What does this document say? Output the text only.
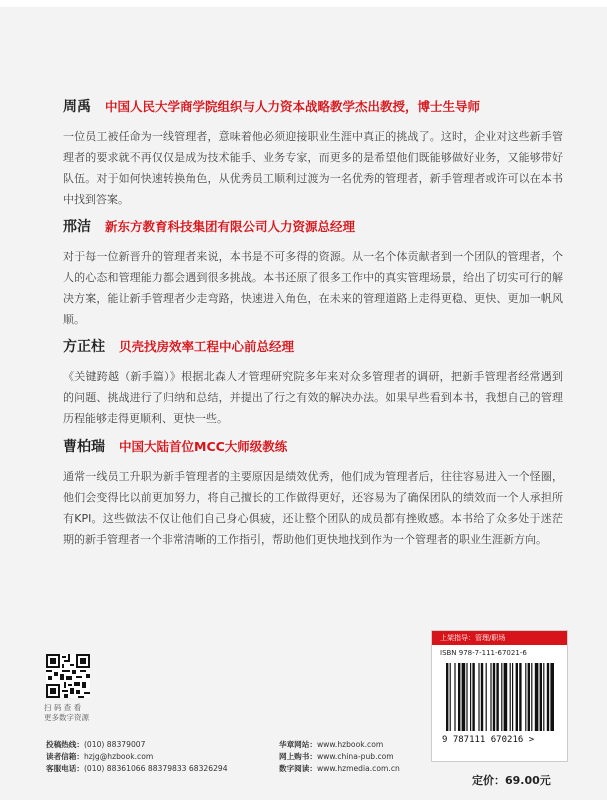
周禹 中国人民大学商学院组织与人力资本战略教学杰出教授，博士生导师
一位员工被任命为一线管理者，意味着他必须迎接职业生涯中真正的挑战了。这时，企业对这些新手管理者的要求就不再仅仅是成为技术能手、业务专家，而更多的是希望他们既能够做好业务，又能够带好队伍。对于如何快速转换角色，从优秀员工顺利过渡为一名优秀的管理者，新手管理者或许可以在本书中找到答案。
邢洁 新东方教育科技集团有限公司人力资源总经理
对于每一位新晋升的管理者来说，本书是不可多得的资源。从一名个体贡献者到一个团队的管理者，个人的心态和管理能力都会遇到很多挑战。本书还原了很多工作中的真实管理场景，给出了切实可行的解决方案，能让新手管理者少走弯路，快速进入角色，在未来的管理道路上走得更稳、更快、更加一帆风顺。
方正柱 贝壳找房效率工程中心前总经理
《关键跨越（新手篇）》根据北森人才管理研究院多年来对众多管理者的调研，把新手管理者经常遇到的问题、挑战进行了归纳和总结，并提出了行之有效的解决办法。如果早些看到本书，我想自己的管理历程能够走得更顺利、更快一些。
曹柏瑞 中国大陆首位MCC大师级教练
通常一线员工升职为新手管理者的主要原因是绩效优秀，他们成为管理者后，往往容易进入一个怪圈，他们会变得比以前更加努力，将自己擅长的工作做得更好，还容易为了确保团队的绩效而一个人承担所有KPI。这些做法不仅让他们自己身心俱疲，还让整个团队的成员都有挫败感。本书给了众多处于迷茫期的新手管理者一个非常清晰的工作指引，帮助他们更快地找到作为一个管理者的职业生涯新方向。
扫 码 查 看
更多数字资源
投稿热线：(010) 88379007
读者信箱：hzjg@hzbook.com
客服电话：(010) 88361066 88379833 68326294
华章网站：www.hzbook.com
网上购书：www.china-pub.com
数字阅读：www.hzmedia.com.cn
上架指导：管理/职场
ISBN 978-7-111-67021-6
9 787111 670216 >
定价：69.00元
